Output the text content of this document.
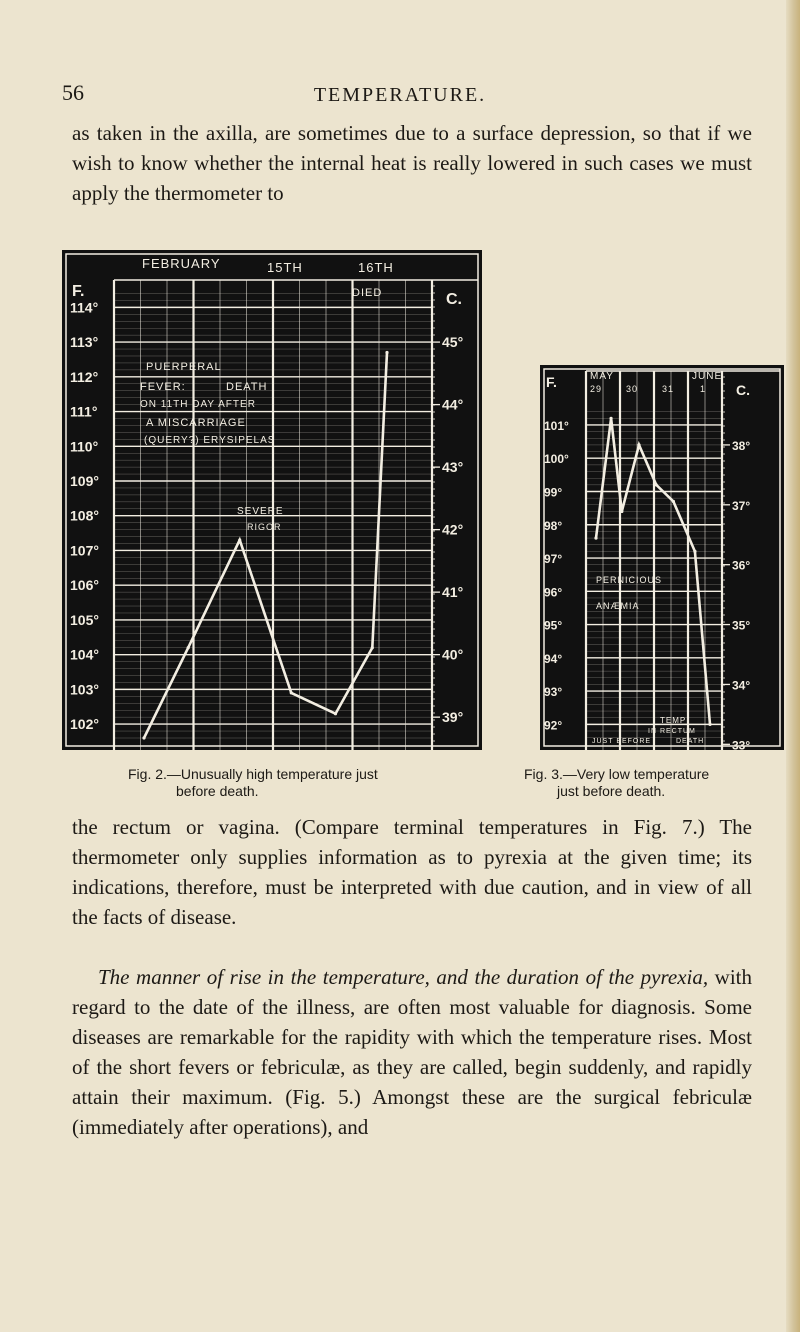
56	TEMPERATURE.

as taken in the axilla, are sometimes due to a surface depression, so that if we wish to know whether the internal heat is really lowered in such cases we must apply the thermometer to

114°
113°
112°
111°
110°
109°
108°
107°
106°
105°
104°
103°
102°
F.	C.
45°
44°
43°
42°
41°
40°
39°
FEBRUARY	15TH	16TH
DIED
PUERPERAL
FEVER:	DEATH
ON 11TH DAY AFTER
A MISCARRIAGE
(QUERY?) ERYSIPELAS
SEVERE
RIGOR
101°
100°
99°
98°
97°
96°
95°
94°
93°
92°
F.	C.
38°
37°
36°
35°
34°
33°
MAY	JUNE
29	30	31	1
PERNICIOUS
ANÆMIA
TEMP
JUST BEFORE
IN RECTUM
DEATH
Fig. 2.—Unusually high temperature just
before death.
Fig. 3.—Very low temperature
just before death.

the rectum or vagina. (Compare terminal temperatures in Fig. 7.) The thermometer only supplies information as to pyrexia at the given time; its indications, therefore, must be interpreted with due caution, and in view of all the facts of disease.

The manner of rise in the temperature, and the duration of the pyrexia, with regard to the date of the illness, are often most valuable for diagnosis. Some diseases are remarkable for the rapidity with which the temperature rises. Most of the short fevers or febriculæ, as they are called, begin suddenly, and rapidly attain their maximum. (Fig. 5.) Amongst these are the surgical febriculæ (immediately after operations), and
